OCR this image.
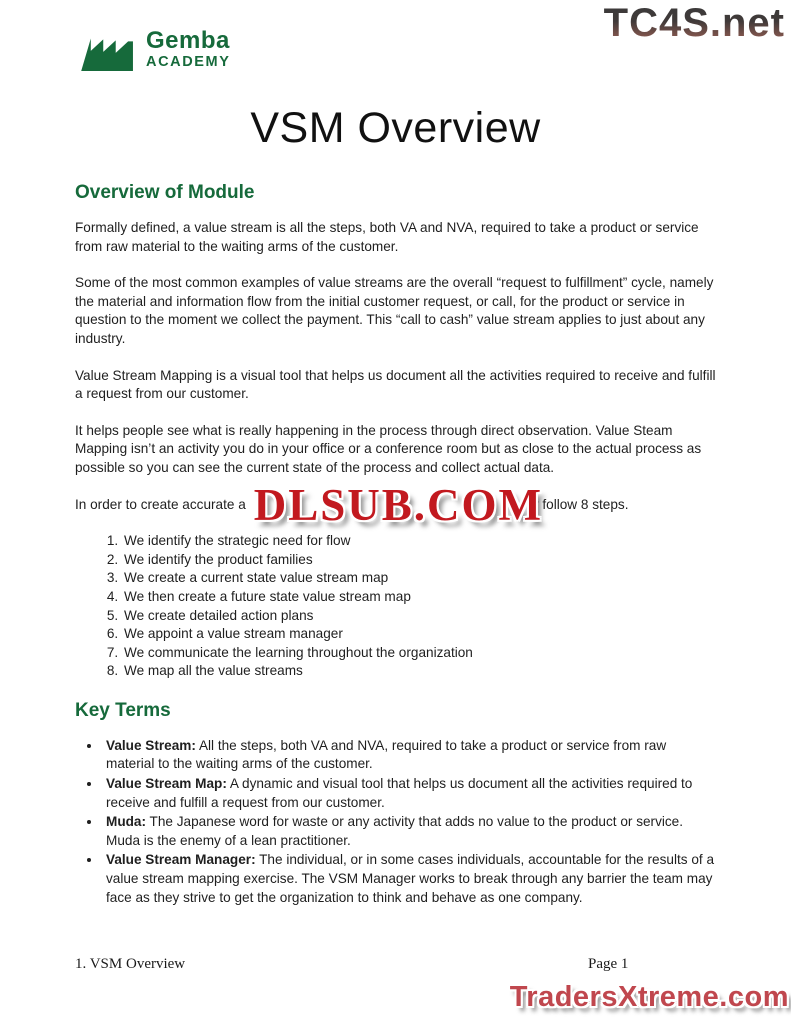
Gemba
ACADEMY
TC4S.net
VSM Overview
Overview of Module

Formally defined, a value stream is all the steps, both VA and NVA, required to take a product or service from raw material to the waiting arms of the customer.

Some of the most common examples of value streams are the overall “request to fulfillment” cycle, namely the material and information flow from the initial customer request, or call, for the product or service in question to the moment we collect the payment. This “call to cash” value stream applies to just about any industry.

Value Stream Mapping is a visual tool that helps us document all the activities required to receive and fulfill a request from our customer.

It helps people see what is really happening in the process through direct observation. Value Steam Mapping isn’t an activity you do in your office or a conference room but as close to the actual process as possible so you can see the current state of the process and collect actual data.

In order to create accurate a	y follow 8 steps.

1. We identify the strategic need for flow
2. We identify the product families
3. We create a current state value stream map
4. We then create a future state value stream map
5. We create detailed action plans
6. We appoint a value stream manager
7. We communicate the learning throughout the organization
8. We map all the value streams
Key Terms
• Value Stream: All the steps, both VA and NVA, required to take a product or service from raw material to the waiting arms of the customer.
• Value Stream Map: A dynamic and visual tool that helps us document all the activities required to receive and fulfill a request from our customer.
• Muda: The Japanese word for waste or any activity that adds no value to the product or service. Muda is the enemy of a lean practitioner.
• Value Stream Manager: The individual, or in some cases individuals, accountable for the results of a value stream mapping exercise. The VSM Manager works to break through any barrier the team may face as they strive to get the organization to think and behave as one company.
DLSUB.COM
1. VSM Overview	Page 1
TradersXtreme.com
